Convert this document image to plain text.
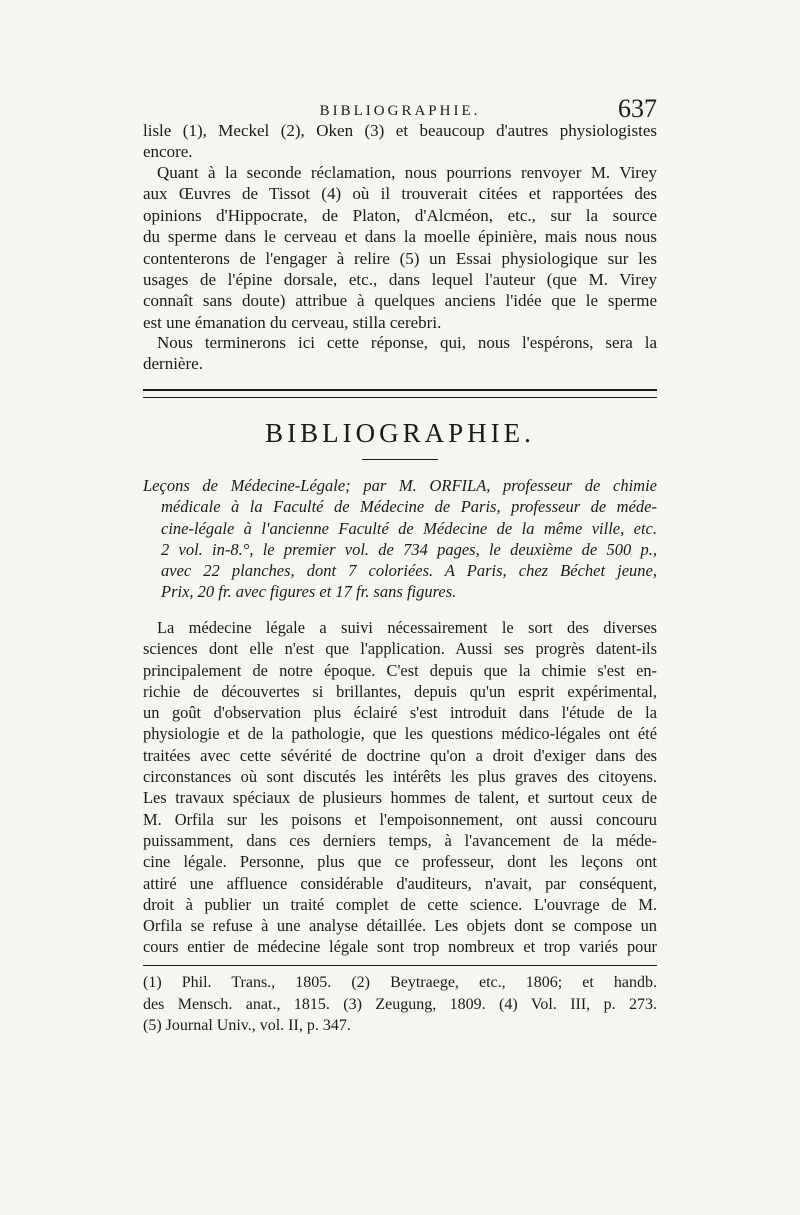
BIBLIOGRAPHIE.	637
lisle (1), Meckel (2), Oken (3) et beaucoup d'autres physiologistes
encore.
Quant à la seconde réclamation, nous pourrions renvoyer M. Virey
aux Œuvres de Tissot (4) où il trouverait citées et rapportées des
opinions d'Hippocrate, de Platon, d'Alcméon, etc., sur la source
du sperme dans le cerveau et dans la moelle épinière, mais nous nous
contenterons de l'engager à relire (5) un Essai physiologique sur les
usages de l'épine dorsale, etc., dans lequel l'auteur (que M. Virey
connaît sans doute) attribue à quelques anciens l'idée que le sperme
est une émanation du cerveau, stilla cerebri.
Nous terminerons ici cette réponse, qui, nous l'espérons, sera la
dernière.
BIBLIOGRAPHIE.
Leçons de Médecine-Légale; par M. ORFILA, professeur de chimie
médicale à la Faculté de Médecine de Paris, professeur de méde-
cine-légale à l'ancienne Faculté de Médecine de la même ville, etc.
2 vol. in-8.°, le premier vol. de 734 pages, le deuxième de 500 p.,
avec 22 planches, dont 7 coloriées. A Paris, chez Béchet jeune,
Prix, 20 fr. avec figures et 17 fr. sans figures.
La médecine légale a suivi nécessairement le sort des diverses
sciences dont elle n'est que l'application. Aussi ses progrès datent-ils
principalement de notre époque. C'est depuis que la chimie s'est en-
richie de découvertes si brillantes, depuis qu'un esprit expérimental,
un goût d'observation plus éclairé s'est introduit dans l'étude de la
physiologie et de la pathologie, que les questions médico-légales ont été
traitées avec cette sévérité de doctrine qu'on a droit d'exiger dans des
circonstances où sont discutés les intérêts les plus graves des citoyens.
Les travaux spéciaux de plusieurs hommes de talent, et surtout ceux de
M. Orfila sur les poisons et l'empoisonnement, ont aussi concouru
puissamment, dans ces derniers temps, à l'avancement de la méde-
cine légale. Personne, plus que ce professeur, dont les leçons ont
attiré une affluence considérable d'auditeurs, n'avait, par conséquent,
droit à publier un traité complet de cette science. L'ouvrage de M.
Orfila se refuse à une analyse détaillée. Les objets dont se compose un
cours entier de médecine légale sont trop nombreux et trop variés pour
(1) Phil. Trans., 1805. (2) Beytraege, etc., 1806; et handb.
des Mensch. anat., 1815. (3) Zeugung, 1809. (4) Vol. III, p. 273.
(5) Journal Univ., vol. II, p. 347.
